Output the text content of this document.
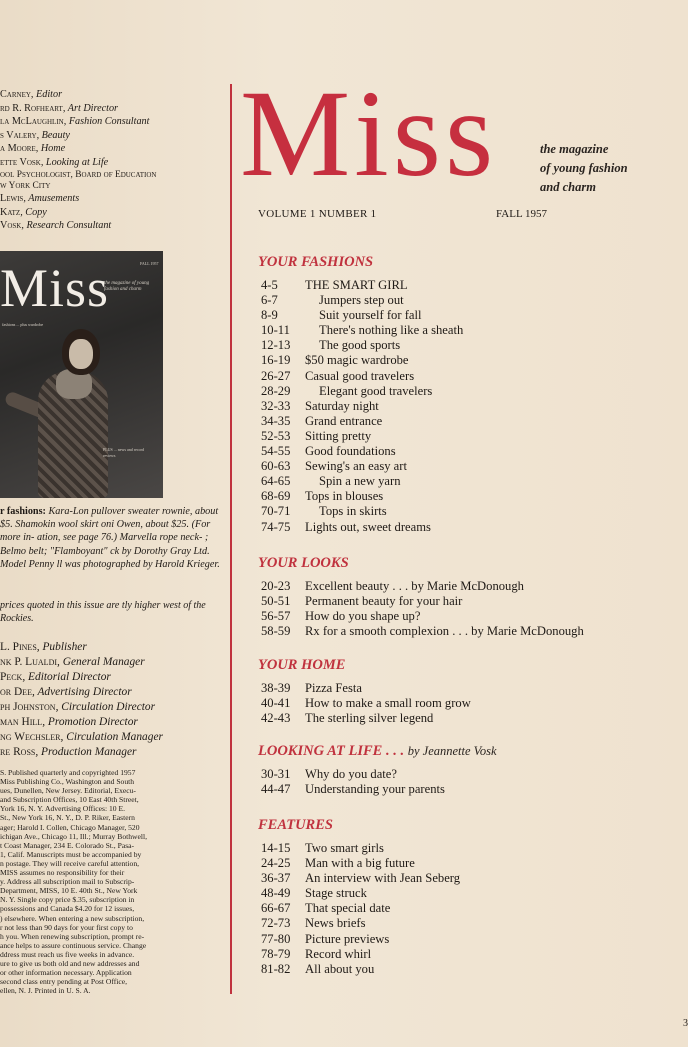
Carney, Editor
rd R. Rofheart, Art Director
la McLaughlin, Fashion Consultant
s Valery, Beauty
a Moore, Home
ette Vosk, Looking at Life
ool Psychologist, Board of Education
w York City
Lewis, Amusements
Katz, Copy
Vosk, Research Consultant
Miss	FALL 1957
the magazine of young fashion and charm
fashions ... plus wardrobe
PLUS ... news and record reviews
r fashions: Kara-Lon pullover sweater rownie, about $5. Shamokin wool skirt oni Owen, about $25. (For more in- ation, see page 76.) Marvella rope neck- ; Belmo belt; "Flamboyant" ck by Dorothy Gray Ltd. Model Penny ll was photographed by Harold Krieger.
prices quoted in this issue are tly higher west of the Rockies.
L. Pines, Publisher
nk P. Lualdi, General Manager
Peck, Editorial Director
or Dee, Advertising Director
ph Johnston, Circulation Director
man Hill, Promotion Director
ng Wechsler, Circulation Manager
re Ross, Production Manager
S. Published quarterly and copyrighted 1957
Miss Publishing Co., Washington and South
ues, Dunellen, New Jersey. Editorial, Execu-
and Subscription Offices, 10 East 40th Street,
York 16, N. Y. Advertising Offices: 10 E.
St., New York 16, N. Y., D. P. Riker, Eastern
ager; Harold I. Collen, Chicago Manager, 520
ichigan Ave., Chicago 11, Ill.; Murray Bothwell,
t Coast Manager, 234 E. Colorado St., Pasa-
1, Calif. Manuscripts must be accompanied by
n postage. They will receive careful attention,
MISS assumes no responsibility for their
y. Address all subscription mail to Subscrip-
Department, MISS, 10 E. 40th St., New York
N. Y. Single copy price $.35, subscription in
possessions and Canada $4.20 for 12 issues,
) elsewhere. When entering a new subscription,
r not less than 90 days for your first copy to
h you. When renewing subscription, prompt re-
ance helps to assure continuous service. Change
ddress must reach us five weeks in advance.
ure to give us both old and new addresses and
or other information necessary. Application
second class entry pending at Post Office,
ellen, N. J. Printed in U. S. A.
Miss	the magazine
of young fashion
and charm
VOLUME 1 NUMBER 1	FALL 1957
YOUR FASHIONS
4-5	THE SMART GIRL
6-7	Jumpers step out
8-9	Suit yourself for fall
10-11	There's nothing like a sheath
12-13	The good sports
16-19	$50 magic wardrobe
26-27	Casual good travelers
28-29	Elegant good travelers
32-33	Saturday night
34-35	Grand entrance
52-53	Sitting pretty
54-55	Good foundations
60-63	Sewing's an easy art
64-65	Spin a new yarn
68-69	Tops in blouses
70-71	Tops in skirts
74-75	Lights out, sweet dreams
YOUR LOOKS
20-23	Excellent beauty . . . by Marie McDonough
50-51	Permanent beauty for your hair
56-57	How do you shape up?
58-59	Rx for a smooth complexion . . . by Marie McDonough
YOUR HOME
38-39	Pizza Festa
40-41	How to make a small room grow
42-43	The sterling silver legend
LOOKING AT LIFE . . . by Jeannette Vosk
30-31	Why do you date?
44-47	Understanding your parents
FEATURES
14-15	Two smart girls
24-25	Man with a big future
36-37	An interview with Jean Seberg
48-49	Stage struck
66-67	That special date
72-73	News briefs
77-80	Picture previews
78-79	Record whirl
81-82	All about you
3
